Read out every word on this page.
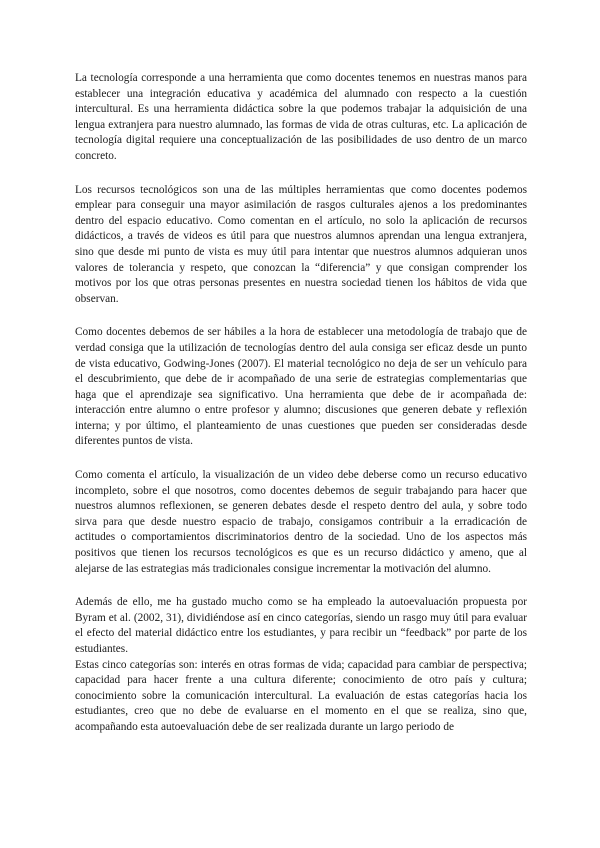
La tecnología corresponde a una herramienta que como docentes tenemos en nuestras manos para establecer una integración educativa y académica del alumnado con respecto a la cuestión intercultural. Es una herramienta didáctica sobre la que podemos trabajar la adquisición de una lengua extranjera para nuestro alumnado, las formas de vida de otras culturas, etc. La aplicación de tecnología digital requiere una conceptualización de las posibilidades de uso dentro de un marco concreto.

Los recursos tecnológicos son una de las múltiples herramientas que como docentes podemos emplear para conseguir una mayor asimilación de rasgos culturales ajenos a los predominantes dentro del espacio educativo. Como comentan en el artículo, no solo la aplicación de recursos didácticos, a través de videos es útil para que nuestros alumnos aprendan una lengua extranjera, sino que desde mi punto de vista es muy útil para intentar que nuestros alumnos adquieran unos valores de tolerancia y respeto, que conozcan la “diferencia” y que consigan comprender los motivos por los que otras personas presentes en nuestra sociedad tienen los hábitos de vida que observan.

Como docentes debemos de ser hábiles a la hora de establecer una metodología de trabajo que de verdad consiga que la utilización de tecnologías dentro del aula consiga ser eficaz desde un punto de vista educativo, Godwing-Jones (2007). El material tecnológico no deja de ser un vehículo para el descubrimiento, que debe de ir acompañado de una serie de estrategias complementarias que haga que el aprendizaje sea significativo. Una herramienta que debe de ir acompañada de: interacción entre alumno o entre profesor y alumno; discusiones que generen debate y reflexión interna; y por último, el planteamiento de unas cuestiones que pueden ser consideradas desde diferentes puntos de vista.

Como comenta el artículo, la visualización de un video debe deberse como un recurso educativo incompleto, sobre el que nosotros, como docentes debemos de seguir trabajando para hacer que nuestros alumnos reflexionen, se generen debates desde el respeto dentro del aula, y sobre todo sirva para que desde nuestro espacio de trabajo, consigamos contribuir a la erradicación de actitudes o comportamientos discriminatorios dentro de la sociedad. Uno de los aspectos más positivos que tienen los recursos tecnológicos es que es un recurso didáctico y ameno, que al alejarse de las estrategias más tradicionales consigue incrementar la motivación del alumno.

Además de ello, me ha gustado mucho como se ha empleado la autoevaluación propuesta por Byram et al. (2002, 31), dividiéndose así en cinco categorías, siendo un rasgo muy útil para evaluar el efecto del material didáctico entre los estudiantes, y para recibir un “feedback” por parte de los estudiantes.

Estas cinco categorías son: interés en otras formas de vida; capacidad para cambiar de perspectiva; capacidad para hacer frente a una cultura diferente; conocimiento de otro país y cultura; conocimiento sobre la comunicación intercultural. La evaluación de estas categorías hacia los estudiantes, creo que no debe de evaluarse en el momento en el que se realiza, sino que, acompañando esta autoevaluación debe de ser realizada durante un largo periodo de
